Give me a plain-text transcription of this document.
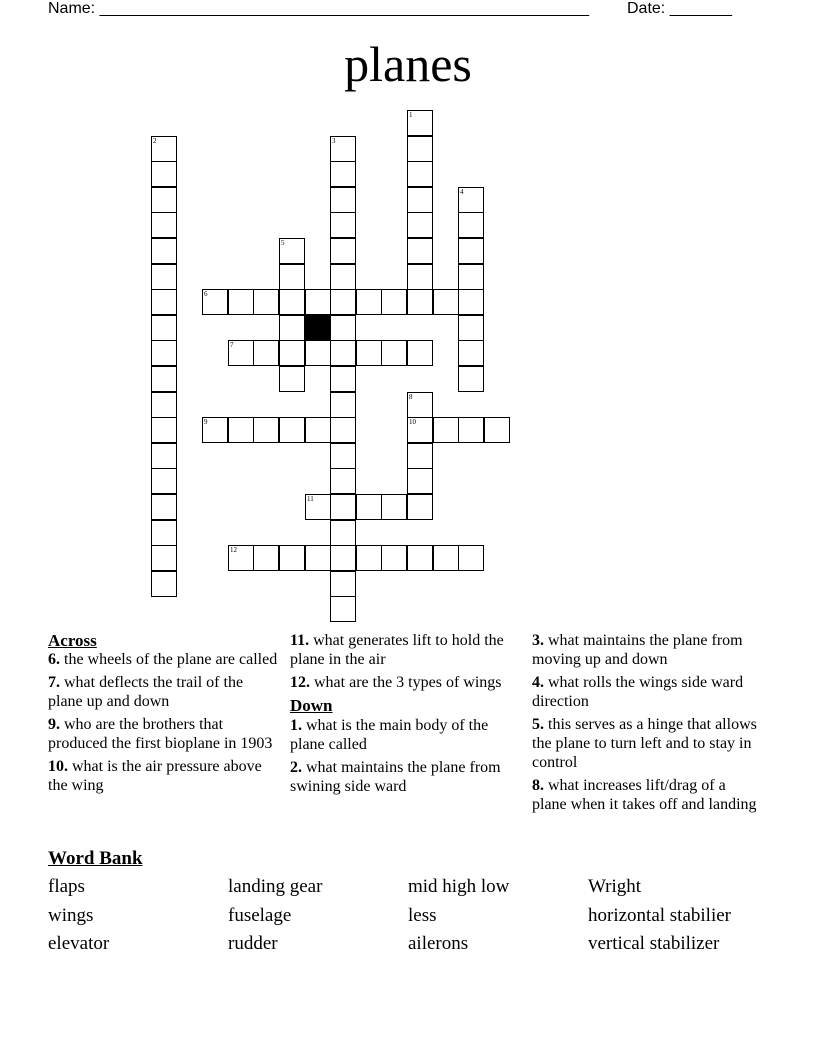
Name: _______________________________________________________ Date: _______
planes
1
2	3
4
5
6
7
8
10
9
11
12
Across
6. the wheels of the plane are called
7. what deflects the trail of the plane up and down
9. who are the brothers that produced the first bioplane in 1903
10. what is the air pressure above the wing
11. what generates lift to hold the plane in the air
12. what are the 3 types of wings
Down
1. what is the main body of the plane called
2. what maintains the plane from swining side ward
3. what maintains the plane from moving up and down
4. what rolls the wings side ward direction
5. this serves as a hinge that allows the plane to turn left and to stay in control
8. what increases lift/drag of a plane when it takes off and landing
Word Bank
flaps	landing gear	mid high low	Wright
wings	fuselage	less	horizontal stabilier
elevator	rudder	ailerons	vertical stabilizer
